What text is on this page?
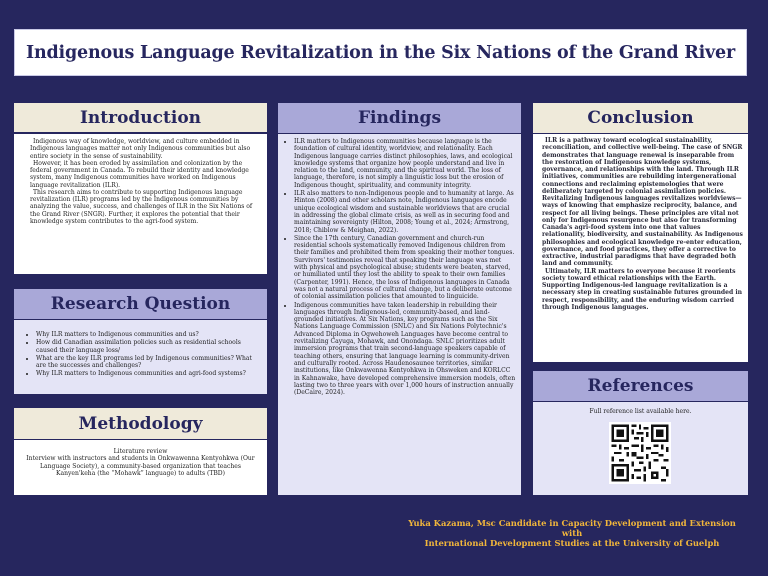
Indigenous Language Revitalization in the Six Nations of the Grand River
Introduction

Indigenous way of knowledge, worldview, and culture embedded in Indigenous languages matter not only Indigenous communities but also entire society in the sense of sustainability.

However, it has been eroded by assimilation and colonization by the federal government in Canada. To rebuild their identity and knowledge system, many Indigenous communities have worked on Indigenous language revitalization (ILR).

This research aims to contribute to supporting Indigenous language revitalization (ILR) programs led by the Indigenous communities by analyzing the value, success, and challenges of ILR in the Six Nations of the Grand River (SNGR). Further, it explores the potential that their knowledge system contributes to the agri-food system.

Research Question
• Why ILR matters to Indigenous communities and us?
• How did Canadian assimilation policies such as residential schools caused their language loss/
• What are the key ILR programs led by Indigenous communities? What are the successes and challenges?
• Why ILR matters to Indigenous communities and agri-food systems?
Methodology

Literature review

Interview with instructors and students in Onkwawenna Kentyohkwa (Our Language Society), a community-based organization that teaches Kanyen'keha (the “Mohawk” language) to adults (TBD)

Findings
• ILR matters to Indigenous communities because language is the foundation of cultural identity, worldview, and relationality. Each Indigenous language carries distinct philosophies, laws, and ecological knowledge systems that organize how people understand and live in relation to the land, community, and the spiritual world. The loss of language, therefore, is not simply a linguistic loss but the erosion of Indigenous thought, spirituality, and community integrity.
• ILR also matters to non-Indigenous people and to humanity at large. As Hinton (2008) and other scholars note, Indigenous languages encode unique ecological wisdom and sustainable worldviews that are crucial in addressing the global climate crisis, as well as in securing food and maintaining sovereignty (Hilton, 2008; Young et al., 2024; Armstrong, 2018; Chiblow & Meighan, 2022).
• Since the 17th century, Canadian government and church-run residential schools systematically removed Indigenous children from their families and prohibited them from speaking their mother tongues. Survivors' testimonies reveal that speaking their language was met with physical and psychological abuse; students were beaten, starved, or humiliated until they lost the ability to speak to their own families (Carpenter, 1991). Hence, the loss of Indigenous languages in Canada was not a natural process of cultural change, but a deliberate outcome of colonial assimilation policies that amounted to linguicide.
• Indigenous communities have taken leadership in rebuilding their languages through Indigenous-led, community-based, and land-grounded initiatives. At Six Nations, key programs such as the Six Nations Language Commission (SNLC) and Six Nations Polytechnic's Advanced Diploma in Ogwehoweh Languages have become central to revitalizing Cayuga, Mohawk, and Onondaga. SNLC prioritizes adult immersion programs that train second-language speakers capable of teaching others, ensuring that language learning is community-driven and culturally rooted. Across Haudenosaunee territories, similar institutions, like Onkwawenna Kentyohkwa in Ohsweken and KORLCC in Kahnawake, have developed comprehensive immersion models, often lasting two to three years with over 1,000 hours of instruction annually (DeCaire, 2024).
Conclusion

ILR is a pathway toward ecological sustainability, reconciliation, and collective well-being. The case of SNGR demonstrates that language renewal is inseparable from the restoration of Indigenous knowledge systems, governance, and relationships with the land. Through ILR initiatives, communities are rebuilding intergenerational connections and reclaiming epistemologies that were deliberately targeted by colonial assimilation policies. Revitalizing Indigenous languages revitalizes worldviews— ways of knowing that emphasize reciprocity, balance, and respect for all living beings. These principles are vital not only for Indigenous resurgence but also for transforming Canada's agri-food system into one that values relationality, biodiversity, and sustainability. As Indigenous philosophies and ecological knowledge re-enter education, governance, and food practices, they offer a corrective to extractive, industrial paradigms that have degraded both land and community.

Ultimately, ILR matters to everyone because it reorients society toward ethical relationships with the Earth. Supporting Indigenous-led language revitalization is a necessary step in creating sustainable futures grounded in respect, responsibility, and the enduring wisdom carried through Indigenous languages.

References

Full reference list available here.

Yuka Kazama, Msc Candidate in Capacity Development and Extension with
International Development Studies at the University of Guelph
